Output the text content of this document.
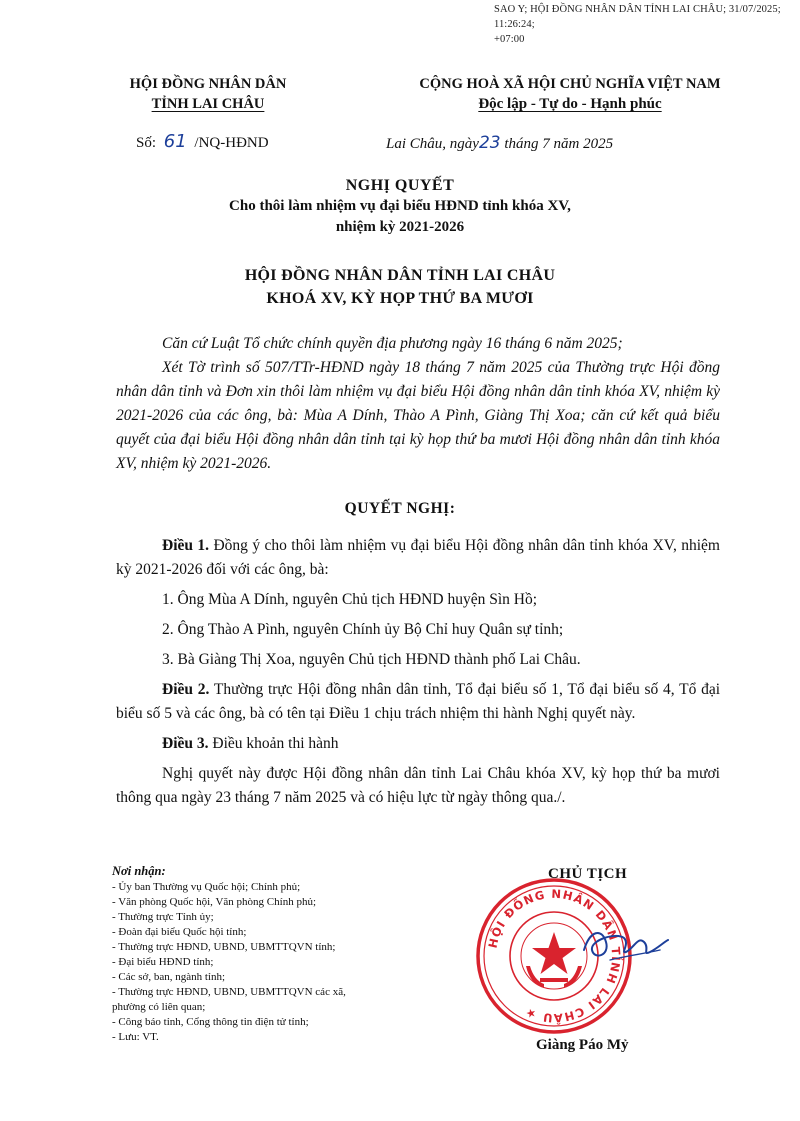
SAO Y; HỘI ĐỒNG NHÂN DÂN TỈNH LAI CHÂU; 31/07/2025; 11:26:24;
+07:00
HỘI ĐỒNG NHÂN DÂN
TỈNH LAI CHÂU
Số: 61 /NQ-HĐND
CỘNG HOÀ XÃ HỘI CHỦ NGHĨA VIỆT NAM
Độc lập - Tự do - Hạnh phúc
Lai Châu, ngày23 tháng 7 năm 2025
NGHỊ QUYẾT
Cho thôi làm nhiệm vụ đại biểu HĐND tỉnh khóa XV,
nhiệm kỳ 2021-2026
HỘI ĐỒNG NHÂN DÂN TỈNH LAI CHÂU
KHOÁ XV, KỲ HỌP THỨ BA MƯƠI
Căn cứ Luật Tổ chức chính quyền địa phương ngày 16 tháng 6 năm 2025;
Xét Tờ trình số 507/TTr-HĐND ngày 18 tháng 7 năm 2025 của Thường trực Hội đồng nhân dân tỉnh và Đơn xin thôi làm nhiệm vụ đại biểu Hội đồng nhân dân tỉnh khóa XV, nhiệm kỳ 2021-2026 của các ông, bà: Mùa A Dính, Thào A Pình, Giàng Thị Xoa; căn cứ kết quả biểu quyết của đại biểu Hội đồng nhân dân tỉnh tại kỳ họp thứ ba mươi Hội đồng nhân dân tỉnh khóa XV, nhiệm kỳ 2021-2026.
QUYẾT NGHỊ:
Điều 1. Đồng ý cho thôi làm nhiệm vụ đại biểu Hội đồng nhân dân tỉnh khóa XV, nhiệm kỳ 2021-2026 đối với các ông, bà:
1. Ông Mùa A Dính, nguyên Chủ tịch HĐND huyện Sìn Hồ;
2. Ông Thào A Pình, nguyên Chính ủy Bộ Chỉ huy Quân sự tỉnh;
3. Bà Giàng Thị Xoa, nguyên Chủ tịch HĐND thành phố Lai Châu.
Điều 2. Thường trực Hội đồng nhân dân tỉnh, Tổ đại biểu số 1, Tổ đại biểu số 4, Tổ đại biểu số 5 và các ông, bà có tên tại Điều 1 chịu trách nhiệm thi hành Nghị quyết này.
Điều 3. Điều khoản thi hành
Nghị quyết này được Hội đồng nhân dân tỉnh Lai Châu khóa XV, kỳ họp thứ ba mươi thông qua ngày 23 tháng 7 năm 2025 và có hiệu lực từ ngày thông qua./.
Nơi nhận:
- Ủy ban Thường vụ Quốc hội; Chính phủ;
- Văn phòng Quốc hội, Văn phòng Chính phủ;
- Thường trực Tỉnh ủy;
- Đoàn đại biểu Quốc hội tỉnh;
- Thường trực HĐND, UBND, UBMTTQVN tỉnh;
- Đại biểu HĐND tỉnh;
- Các sở, ban, ngành tỉnh;
- Thường trực HĐND, UBND, UBMTTQVN các xã,
phường có liên quan;
- Công báo tỉnh, Cổng thông tin điện tử tỉnh;
- Lưu: VT.
CHỦ TỊCH
HỘI ĐỒNG NHÂN DÂN TỈNH LAI CHÂU ★
Giàng Páo Mỷ
